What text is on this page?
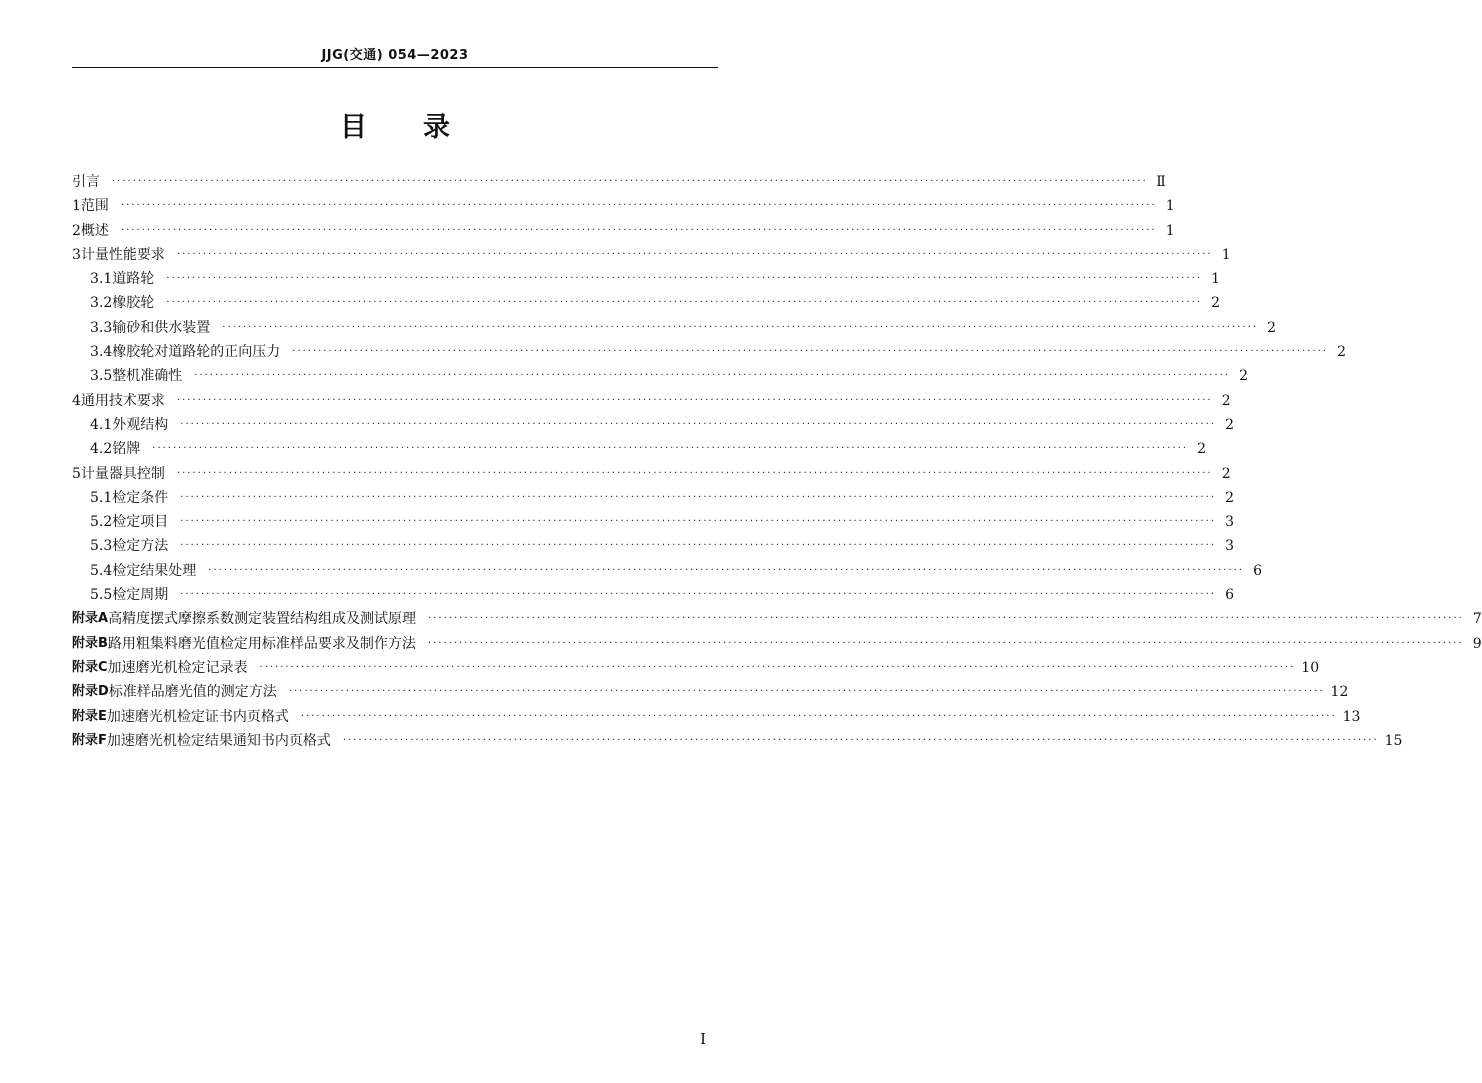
JJG(交通) 054—2023
目 录
引言 ········································································································································································································ Ⅱ
1 范围 ········································································································································································································ 1
2 概述 ········································································································································································································ 1
3 计量性能要求 ········································································································································································································ 1
3.1 道路轮 ········································································································································································································ 1
3.2 橡胶轮 ········································································································································································································ 2
3.3 输砂和供水装置 ········································································································································································································ 2
3.4 橡胶轮对道路轮的正向压力 ········································································································································································································ 2
3.5 整机准确性 ········································································································································································································ 2
4 通用技术要求 ········································································································································································································ 2
4.1 外观结构 ········································································································································································································ 2
4.2 铭牌 ········································································································································································································ 2
5 计量器具控制 ········································································································································································································ 2
5.1 检定条件 ········································································································································································································ 2
5.2 检定项目 ········································································································································································································ 3
5.3 检定方法 ········································································································································································································ 3
5.4 检定结果处理 ········································································································································································································ 6
5.5 检定周期 ········································································································································································································ 6
附录A 高精度摆式摩擦系数测定装置结构组成及测试原理 ········································································································································································································ 7
附录B 路用粗集料磨光值检定用标准样品要求及制作方法 ········································································································································································································ 9
附录C 加速磨光机检定记录表 ········································································································································································································ 10
附录D 标准样品磨光值的测定方法 ········································································································································································································ 12
附录E 加速磨光机检定证书内页格式 ········································································································································································································ 13
附录F 加速磨光机检定结果通知书内页格式 ········································································································································································································ 15
I
